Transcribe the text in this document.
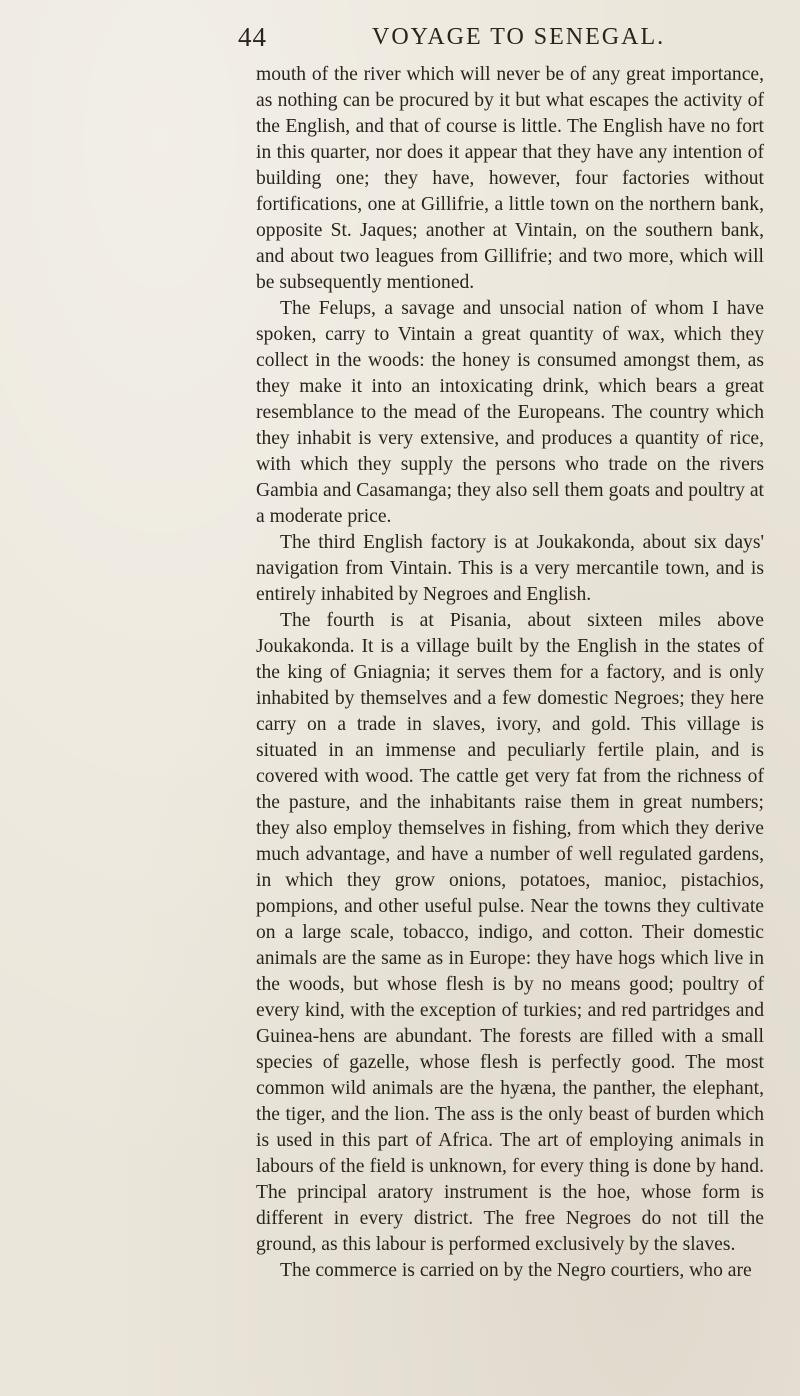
44	VOYAGE TO SENEGAL.

mouth of the river which will never be of any great importance, as nothing can be procured by it but what escapes the activity of the English, and that of course is little. The English have no fort in this quarter, nor does it appear that they have any intention of building one; they have, however, four factories without fortifications, one at Gillifrie, a little town on the northern bank, opposite St. Jaques; another at Vintain, on the southern bank, and about two leagues from Gillifrie; and two more, which will be subsequently mentioned.

The Felups, a savage and unsocial nation of whom I have spoken, carry to Vintain a great quantity of wax, which they collect in the woods: the honey is consumed amongst them, as they make it into an intoxicating drink, which bears a great resemblance to the mead of the Europeans. The country which they inhabit is very extensive, and produces a quantity of rice, with which they supply the persons who trade on the rivers Gambia and Casamanga; they also sell them goats and poultry at a moderate price.

The third English factory is at Joukakonda, about six days' navigation from Vintain. This is a very mercantile town, and is entirely inhabited by Negroes and English.

The fourth is at Pisania, about sixteen miles above Joukakonda. It is a village built by the English in the states of the king of Gniagnia; it serves them for a factory, and is only inhabited by themselves and a few domestic Negroes; they here carry on a trade in slaves, ivory, and gold. This village is situated in an immense and peculiarly fertile plain, and is covered with wood. The cattle get very fat from the richness of the pasture, and the inhabitants raise them in great numbers; they also employ themselves in fishing, from which they derive much advantage, and have a number of well regulated gardens, in which they grow onions, potatoes, manioc, pistachios, pompions, and other useful pulse. Near the towns they cultivate on a large scale, tobacco, indigo, and cotton. Their domestic animals are the same as in Europe: they have hogs which live in the woods, but whose flesh is by no means good; poultry of every kind, with the exception of turkies; and red partridges and Guinea-hens are abundant. The forests are filled with a small species of gazelle, whose flesh is perfectly good. The most common wild animals are the hyæna, the panther, the elephant, the tiger, and the lion. The ass is the only beast of burden which is used in this part of Africa. The art of employing animals in labours of the field is unknown, for every thing is done by hand. The principal aratory instrument is the hoe, whose form is different in every district. The free Negroes do not till the ground, as this labour is performed exclusively by the slaves.

The commerce is carried on by the Negro courtiers, who are
